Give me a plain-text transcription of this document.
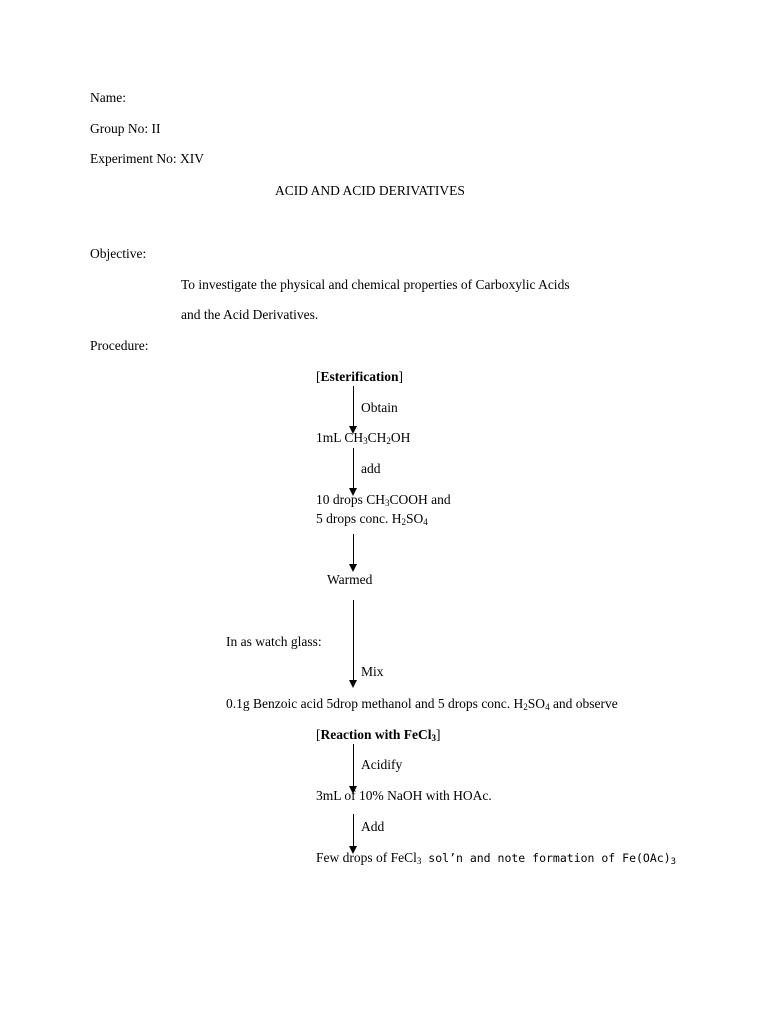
Name:
Group No: II
Experiment No: XIV
ACID AND ACID DERIVATIVES
Objective:
To investigate the physical and chemical properties of Carboxylic Acids
and the Acid Derivatives.
Procedure:
[Esterification]
Obtain
1mL $CH_3CH_2OH$
add
10 drops $CH_3COOH$ and
5 drops conc. $H_2SO_4$
Warmed
In as watch glass:
Mix
0.1g Benzoic acid 5drop methanol and 5 drops conc. $H_2SO_4$ and observe
[Reaction with FeCl$_3$]
Acidify
3mL of 10% NaOH with HOAc.
Add
Few drops of FeCl$_3$ sol’n and note formation of $Fe(OAc)_3$
